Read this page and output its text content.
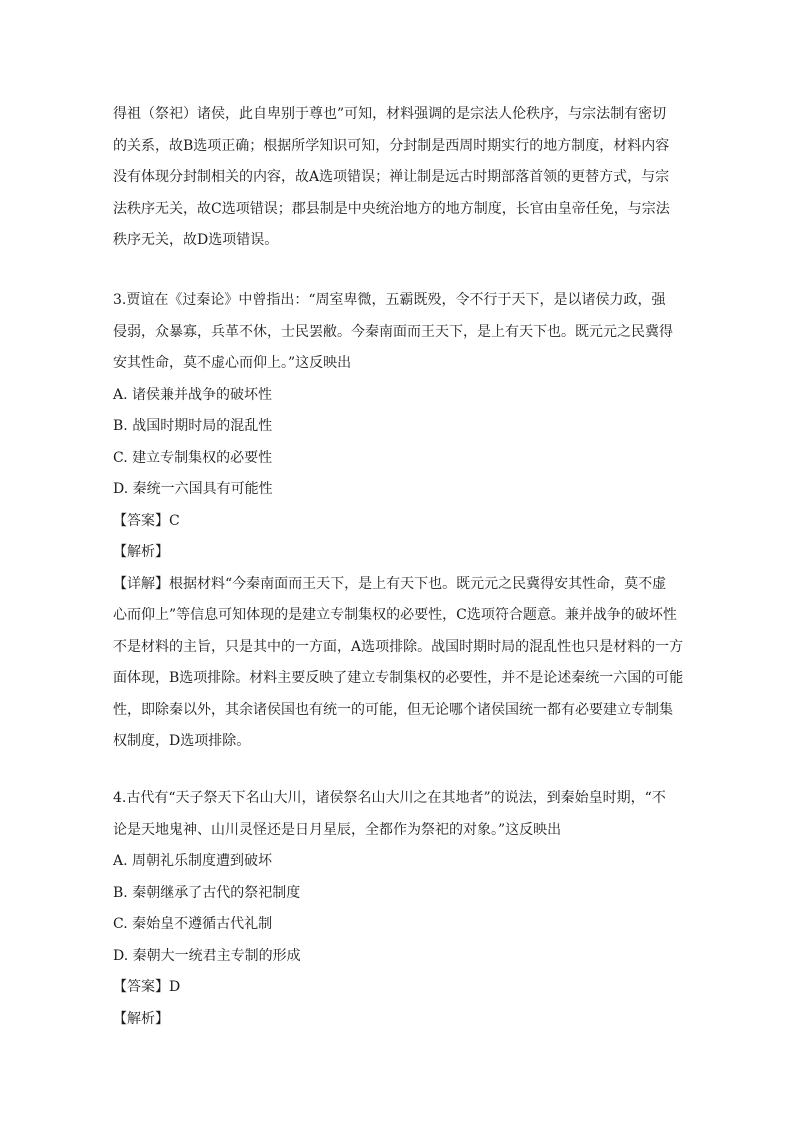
得祖（祭祀）诸侯，此自卑别于尊也”可知，材料强调的是宗法人伦秩序，与宗法制有密切
的关系，故B选项正确；根据所学知识可知，分封制是西周时期实行的地方制度，材料内容
没有体现分封制相关的内容，故A选项错误；禅让制是远古时期部落首领的更替方式，与宗
法秩序无关，故C选项错误；郡县制是中央统治地方的地方制度，长官由皇帝任免，与宗法
秩序无关，故D选项错误。
3.贾谊在《过秦论》中曾指出：“周室卑微，五霸既殁，令不行于天下，是以诸侯力政，强
侵弱，众暴寡，兵革不休，士民罢敝。今秦南面而王天下，是上有天下也。既元元之民冀得
安其性命，莫不虚心而仰上。”这反映出
A. 诸侯兼并战争的破坏性
B. 战国时期时局的混乱性
C. 建立专制集权的必要性
D. 秦统一六国具有可能性
【答案】C
【解析】
【详解】根据材料“今秦南面而王天下，是上有天下也。既元元之民冀得安其性命，莫不虚
心而仰上”等信息可知体现的是建立专制集权的必要性，C选项符合题意。兼并战争的破坏性
不是材料的主旨，只是其中的一方面，A选项排除。战国时期时局的混乱性也只是材料的一方
面体现，B选项排除。材料主要反映了建立专制集权的必要性，并不是论述秦统一六国的可能
性，即除秦以外，其余诸侯国也有统一的可能，但无论哪个诸侯国统一都有必要建立专制集
权制度，D选项排除。
4.古代有“天子祭天下名山大川，诸侯祭名山大川之在其地者”的说法，到秦始皇时期，“不
论是天地鬼神、山川灵怪还是日月星辰，全都作为祭祀的对象。”这反映出
A. 周朝礼乐制度遭到破坏
B. 秦朝继承了古代的祭祀制度
C. 秦始皇不遵循古代礼制
D. 秦朝大一统君主专制的形成
【答案】D
【解析】
